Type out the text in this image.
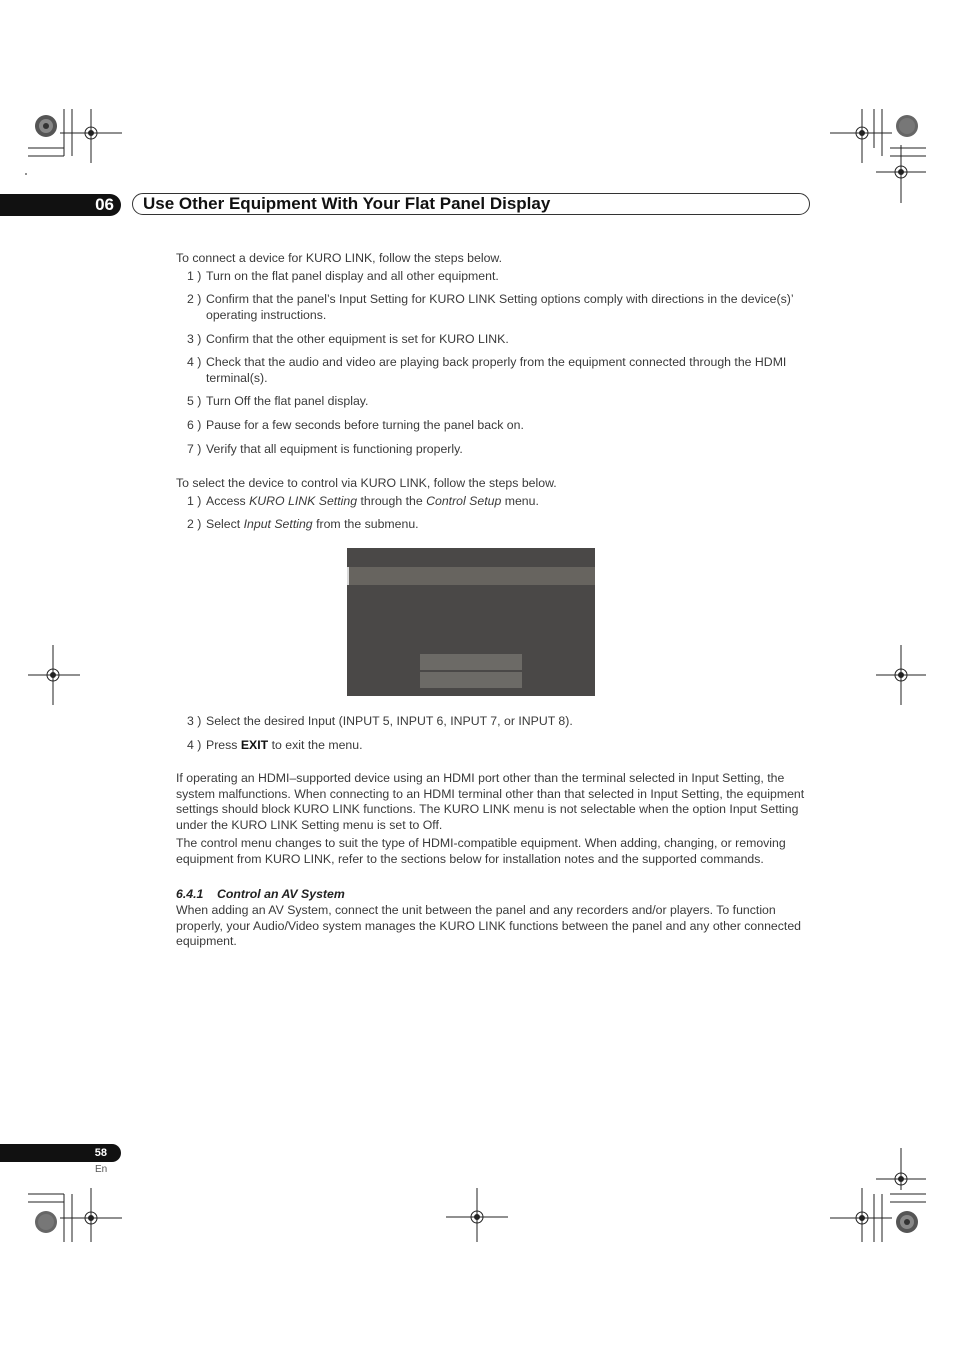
06	Use Other Equipment With Your Flat Panel Display
To connect a device for KURO LINK, follow the steps below.
1 ) Turn on the flat panel display and all other equipment.
2 ) Confirm that the panel’s Input Setting for KURO LINK Setting options comply with directions in the device(s)’ operating instructions.
3 ) Confirm that the other equipment is set for KURO LINK.
4 ) Check that the audio and video are playing back properly from the equipment connected through the HDMI terminal(s).
5 ) Turn Off the flat panel display.
6 ) Pause for a few seconds before turning the panel back on.
7 ) Verify that all equipment is functioning properly.
To select the device to control via KURO LINK, follow the steps below.
1 ) Access KURO LINK Setting through the Control Setup menu.
2 ) Select Input Setting from the submenu.
3 ) Select the desired Input (INPUT 5, INPUT 6, INPUT 7, or INPUT 8).
4 ) Press EXIT to exit the menu.
If operating an HDMI–supported device using an HDMI port other than the terminal selected in Input Setting, the system malfunctions. When connecting to an HDMI terminal other than that selected in Input Setting, the equipment settings should block KURO LINK functions. The KURO LINK menu is not selectable when the option Input Setting under the KURO LINK Setting menu is set to Off.
The control menu changes to suit the type of HDMI-compatible equipment. When adding, changing, or removing equipment from KURO LINK, refer to the sections below for installation notes and the supported commands.
6.4.1    Control an AV System
When adding an AV System, connect the unit between the panel and any recorders and/or players. To function properly, your Audio/Video system manages the KURO LINK functions between the panel and any other connected equipment.
58
En
